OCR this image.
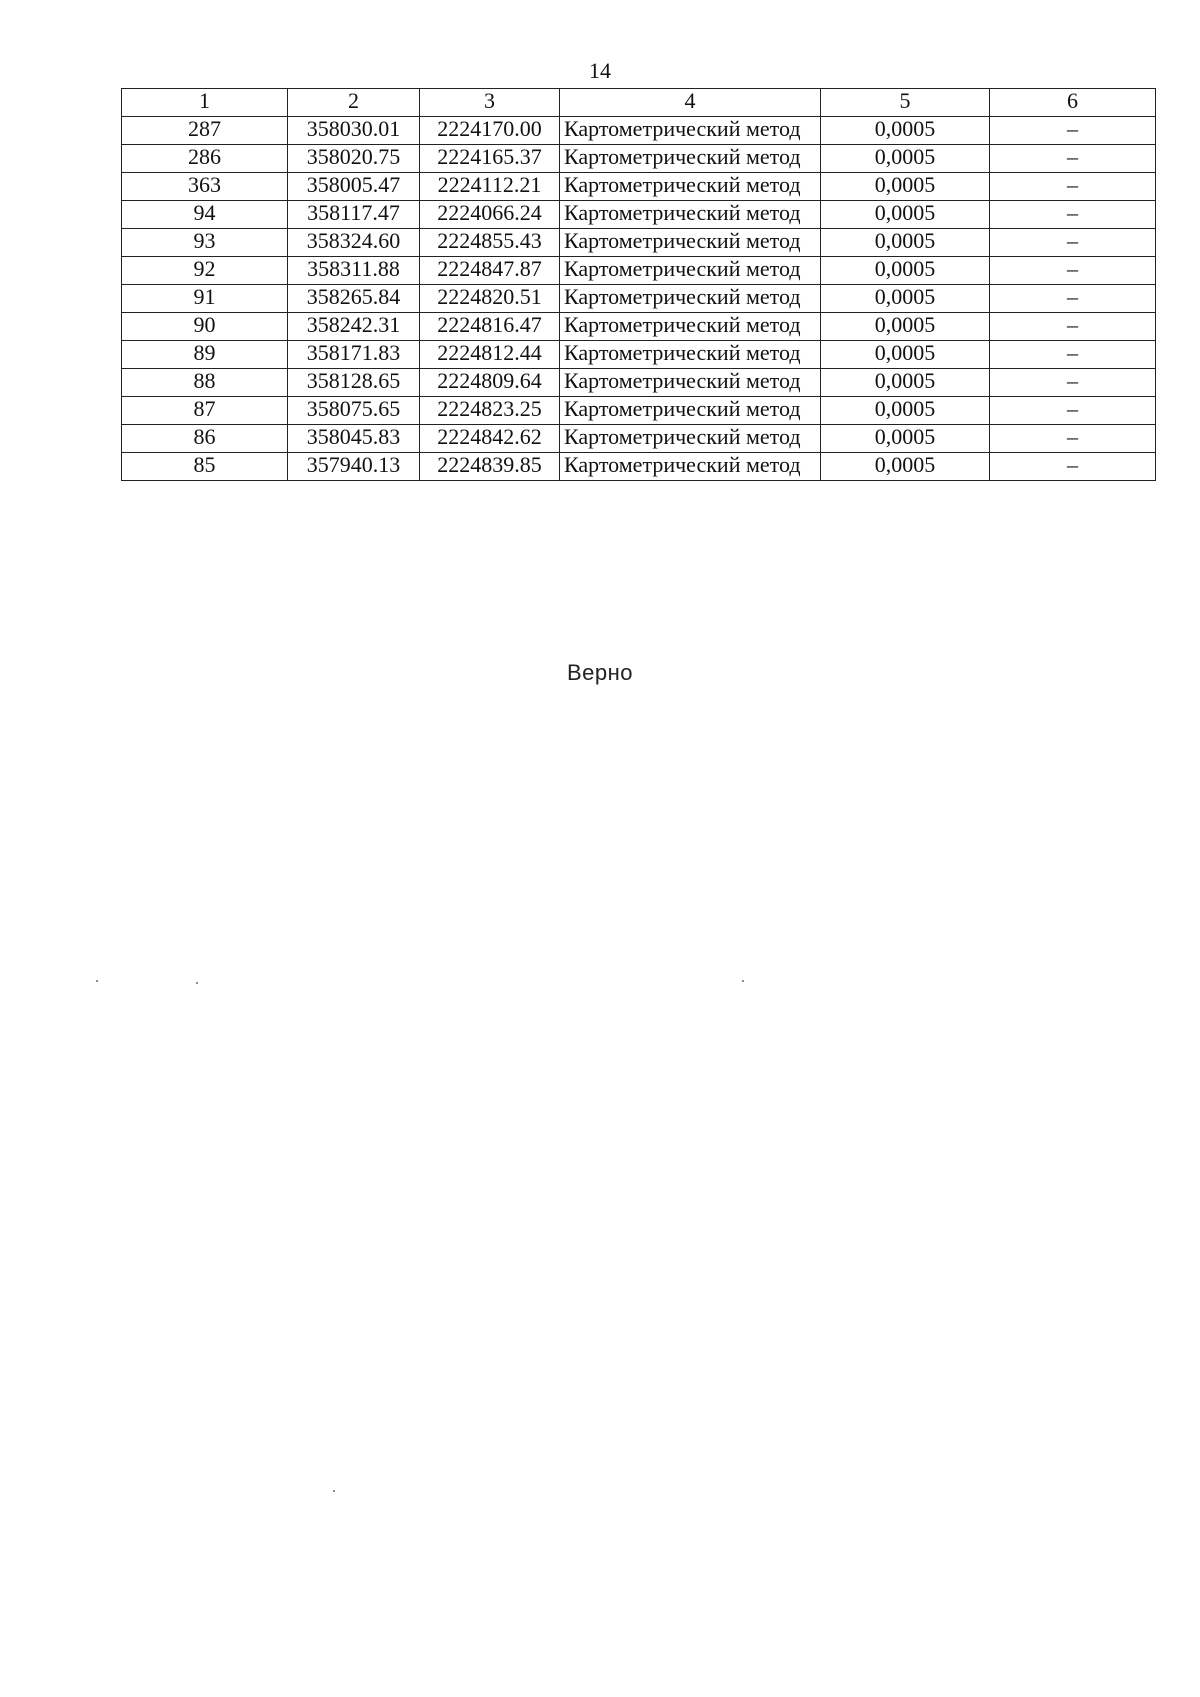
14
1	2	3	4	5	6
287	358030.01	2224170.00	Картометрический метод	0,0005	–
286	358020.75	2224165.37	Картометрический метод	0,0005	–
363	358005.47	2224112.21	Картометрический метод	0,0005	–
94	358117.47	2224066.24	Картометрический метод	0,0005	–
93	358324.60	2224855.43	Картометрический метод	0,0005	–
92	358311.88	2224847.87	Картометрический метод	0,0005	–
91	358265.84	2224820.51	Картометрический метод	0,0005	–
90	358242.31	2224816.47	Картометрический метод	0,0005	–
89	358171.83	2224812.44	Картометрический метод	0,0005	–
88	358128.65	2224809.64	Картометрический метод	0,0005	–
87	358075.65	2224823.25	Картометрический метод	0,0005	–
86	358045.83	2224842.62	Картометрический метод	0,0005	–
85	357940.13	2224839.85	Картометрический метод	0,0005	–
Верно
